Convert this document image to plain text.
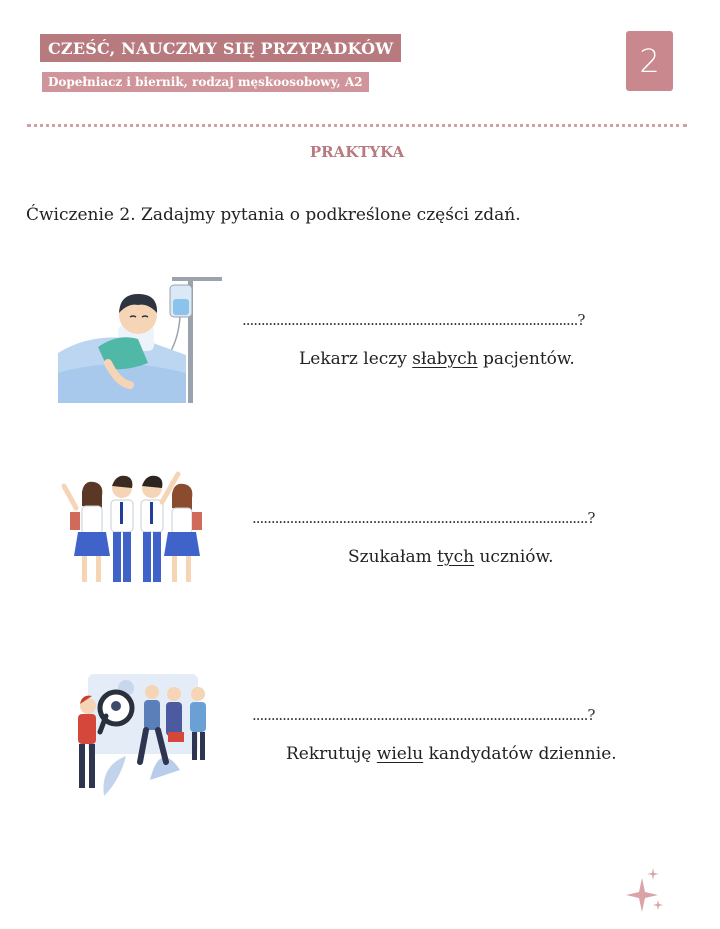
CZEŚĆ, NAUCZMY SIĘ PRZYPADKÓW
Dopełniacz i biernik, rodzaj męskoosobowy, A2
2
PRAKTYKA
Ćwiczenie 2. Zadajmy pytania o podkreślone części zdań.
.........................................................................................?
Lekarz leczy słabych pacjentów.
.........................................................................................?
Szukałam tych uczniów.
.........................................................................................?
Rekrutuję wielu kandydatów dziennie.
